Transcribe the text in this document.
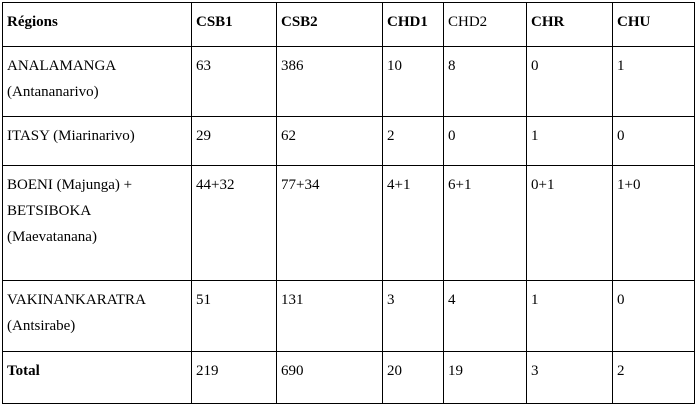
Régions	CSB1	CSB2	CHD1	CHD2	CHR	CHU

ANALAMANGA
(Antananarivo)	63	386	10	8	0	1

ITASY (Miarinarivo)	29	62	2	0	1	0

BOENI (Majunga) +
BETSIBOKA
(Maevatanana)	44+32	77+34	4+1	6+1	0+1	1+0

VAKINANKARATRA
(Antsirabe)	51	131	3	4	1	0

Total	219	690	20	19	3	2
